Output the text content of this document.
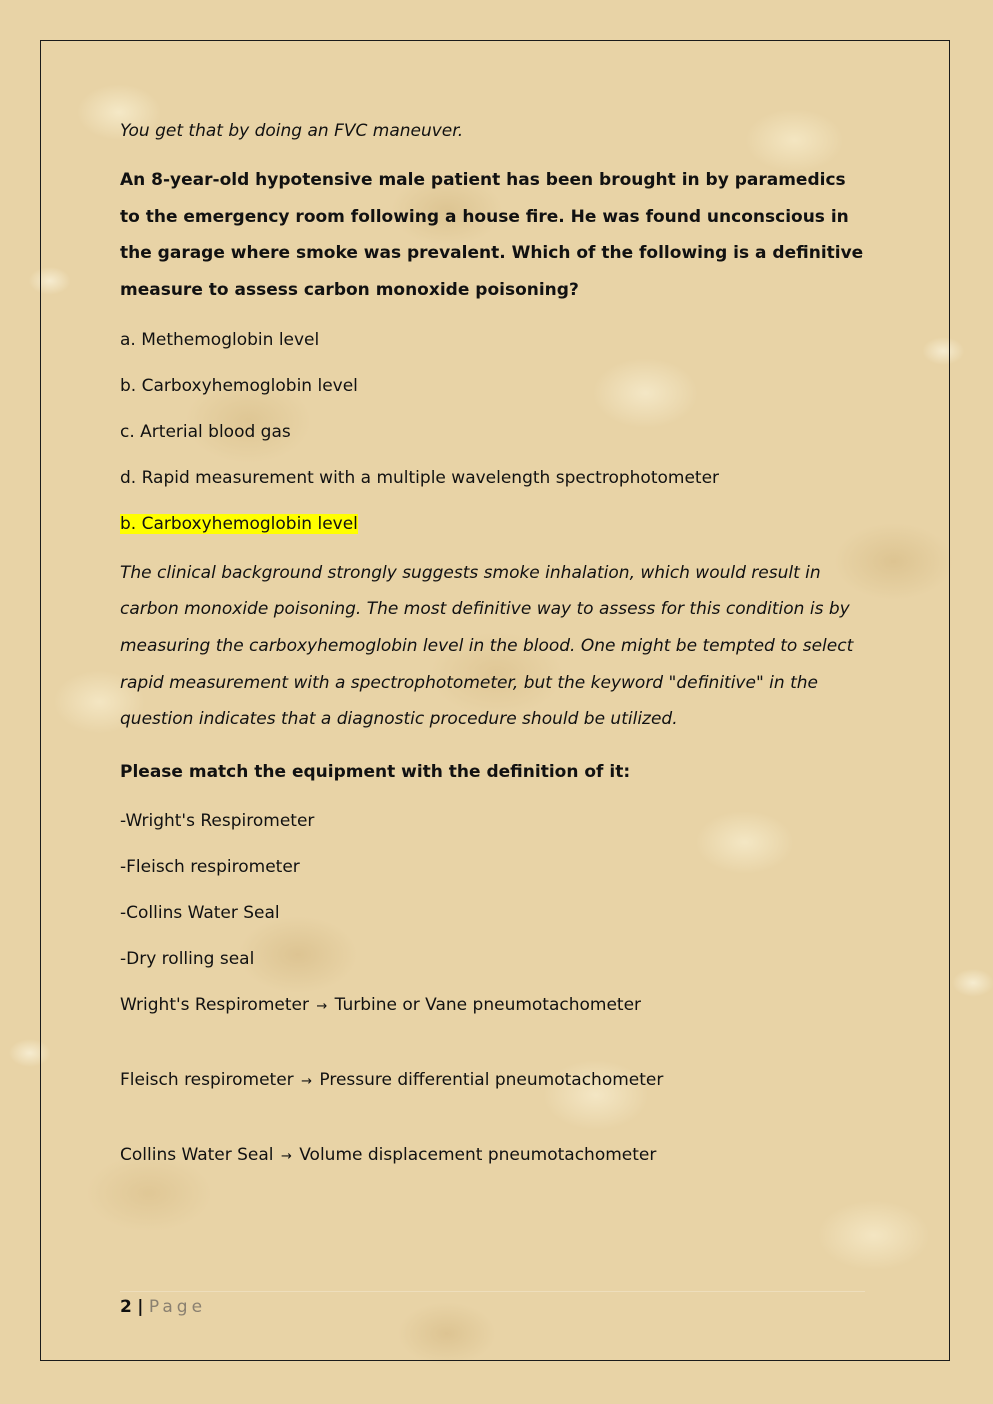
You get that by doing an FVC maneuver.

An 8-year-old hypotensive male patient has been brought in by paramedics to the emergency room following a house fire. He was found unconscious in the garage where smoke was prevalent. Which of the following is a definitive measure to assess carbon monoxide poisoning?

a. Methemoglobin level

b. Carboxyhemoglobin level

c. Arterial blood gas

d. Rapid measurement with a multiple wavelength spectrophotometer

b. Carboxyhemoglobin level

The clinical background strongly suggests smoke inhalation, which would result in carbon monoxide poisoning. The most definitive way to assess for this condition is by measuring the carboxyhemoglobin level in the blood. One might be tempted to select rapid measurement with a spectrophotometer, but the keyword "definitive" in the question indicates that a diagnostic procedure should be utilized.

Please match the equipment with the definition of it:

-Wright's Respirometer

-Fleisch respirometer

-Collins Water Seal

-Dry rolling seal

Wright's Respirometer → Turbine or Vane pneumotachometer

Fleisch respirometer → Pressure differential pneumotachometer

Collins Water Seal → Volume displacement pneumotachometer

2 | Page
